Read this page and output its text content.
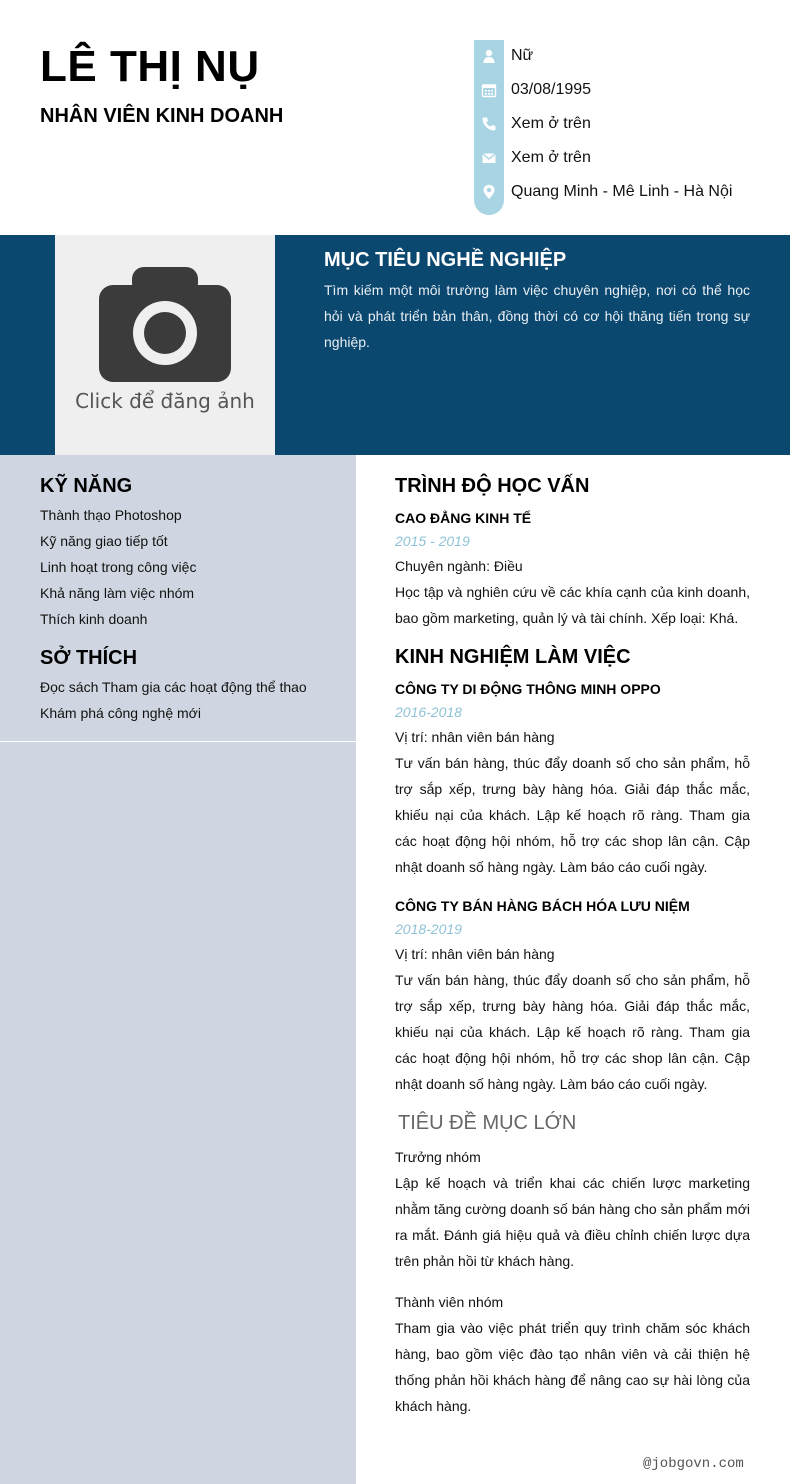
LÊ THỊ NỤ
NHÂN VIÊN KINH DOANH
Nữ
03/08/1995
Xem ở trên
Xem ở trên
Quang Minh - Mê Linh - Hà Nội
Click để đăng ảnh
MỤC TIÊU NGHỀ NGHIỆP
Tìm kiếm một môi trường làm việc chuyên nghiệp, nơi có thể học hỏi và phát triển bản thân, đồng thời có cơ hội thăng tiến trong sự nghiệp.
KỸ NĂNG
Thành thạo Photoshop
Kỹ năng giao tiếp tốt
Linh hoạt trong công việc
Khả năng làm việc nhóm
Thích kinh doanh
SỞ THÍCH
Đọc sách Tham gia các hoạt động thể thao
Khám phá công nghệ mới
TRÌNH ĐỘ HỌC VẤN
CAO ĐẲNG KINH TẾ
2015 - 2019
Chuyên ngành: Điều
Học tập và nghiên cứu về các khía cạnh của kinh doanh, bao gồm marketing, quản lý và tài chính. Xếp loại: Khá.
KINH NGHIỆM LÀM VIỆC
CÔNG TY DI ĐỘNG THÔNG MINH OPPO
2016-2018
Vị trí: nhân viên bán hàng
Tư vấn bán hàng, thúc đẩy doanh số cho sản phẩm, hỗ trợ sắp xếp, trưng bày hàng hóa. Giải đáp thắc mắc, khiếu nại của khách. Lập kế hoạch rõ ràng. Tham gia các hoạt động hội nhóm, hỗ trợ các shop lân cận. Cập nhật doanh số hàng ngày. Làm báo cáo cuối ngày.
CÔNG TY BÁN HÀNG BÁCH HÓA LƯU NIỆM
2018-2019
Vị trí: nhân viên bán hàng
Tư vấn bán hàng, thúc đẩy doanh số cho sản phẩm, hỗ trợ sắp xếp, trưng bày hàng hóa. Giải đáp thắc mắc, khiếu nại của khách. Lập kế hoạch rõ ràng. Tham gia các hoạt động hội nhóm, hỗ trợ các shop lân cận. Cập nhật doanh số hàng ngày. Làm báo cáo cuối ngày.
TIÊU ĐỀ MỤC LỚN
Trưởng nhóm
Lập kế hoạch và triển khai các chiến lược marketing nhằm tăng cường doanh số bán hàng cho sản phẩm mới ra mắt. Đánh giá hiệu quả và điều chỉnh chiến lược dựa trên phản hồi từ khách hàng.
Thành viên nhóm
Tham gia vào việc phát triển quy trình chăm sóc khách hàng, bao gồm việc đào tạo nhân viên và cải thiện hệ thống phản hồi khách hàng để nâng cao sự hài lòng của khách hàng.
@jobgovn.com
